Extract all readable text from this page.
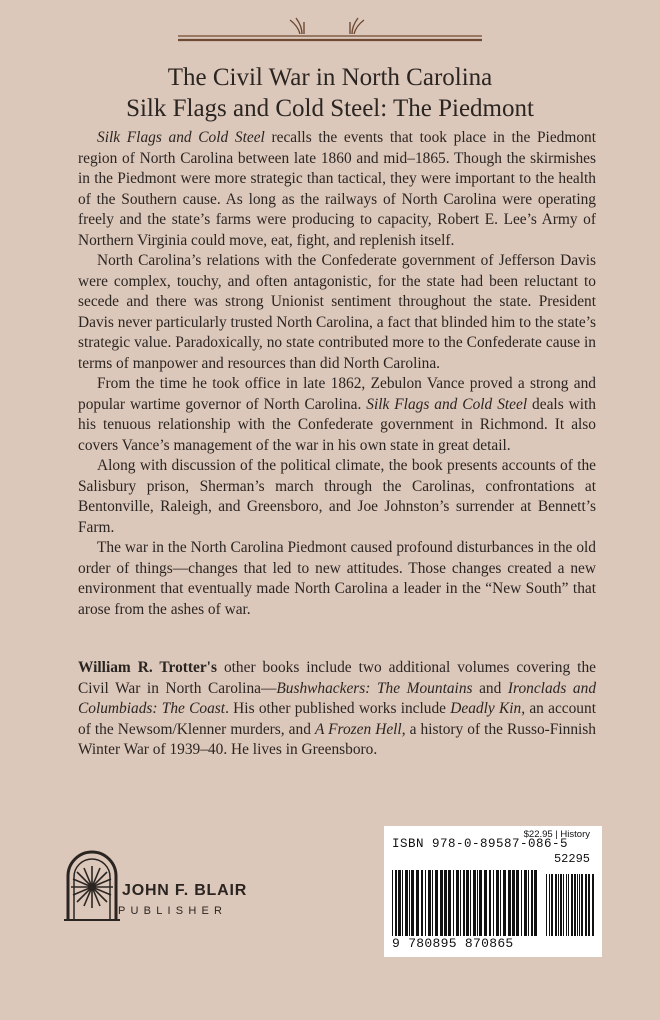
The Civil War in North Carolina
Silk Flags and Cold Steel: The Piedmont

Silk Flags and Cold Steel recalls the events that took place in the Piedmont region of North Carolina between late 1860 and mid–1865. Though the skirmishes in the Piedmont were more strategic than tactical, they were important to the health of the Southern cause. As long as the railways of North Carolina were operating freely and the state’s farms were producing to capacity, Robert E. Lee’s Army of Northern Virginia could move, eat, fight, and replenish itself.

North Carolina’s relations with the Confederate government of Jefferson Davis were complex, touchy, and often antagonistic, for the state had been reluctant to secede and there was strong Unionist sentiment throughout the state. President Davis never particularly trusted North Carolina, a fact that blinded him to the state’s strategic value. Paradoxically, no state contributed more to the Confederate cause in terms of manpower and resources than did North Carolina.

From the time he took office in late 1862, Zebulon Vance proved a strong and popular wartime governor of North Carolina. Silk Flags and Cold Steel deals with his tenuous relationship with the Confederate government in Richmond. It also covers Vance’s management of the war in his own state in great detail.

Along with discussion of the political climate, the book presents accounts of the Salisbury prison, Sherman’s march through the Carolinas, confrontations at Bentonville, Raleigh, and Greensboro, and Joe Johnston’s surrender at Bennett’s Farm.

The war in the North Carolina Piedmont caused profound disturbances in the old order of things—changes that led to new attitudes. Those changes created a new environment that eventually made North Carolina a leader in the “New South” that arose from the ashes of war.

William R. Trotter's other books include two additional volumes covering the Civil War in North Carolina—Bushwhackers: The Mountains and Ironclads and Columbiads: The Coast. His other published works include Deadly Kin, an account of the Newsom/Klenner murders, and A Frozen Hell, a history of the Russo-Finnish Winter War of 1939–40. He lives in Greensboro.

JOHN F. BLAIR
PUBLISHER
$22.95 | History
ISBN 978-0-89587-086-5
52295
9 780895 870865
